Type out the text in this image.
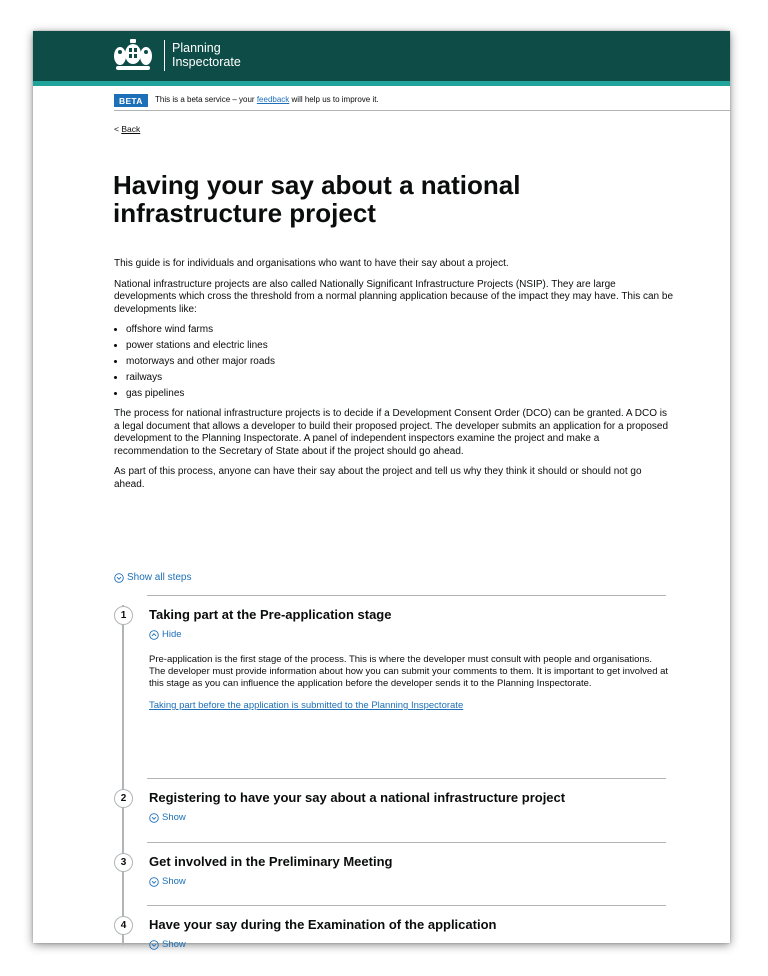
Planning
Inspectorate
BETA	This is a beta service – your feedback will help us to improve it.
< Back
Having your say about a national infrastructure project

This guide is for individuals and organisations who want to have their say about a project.

National infrastructure projects are also called Nationally Significant Infrastructure Projects (NSIP). They are large developments which cross the threshold from a normal planning application because of the impact they may have. This can be developments like:

• offshore wind farms
• power stations and electric lines
• motorways and other major roads
• railways
• gas pipelines

The process for national infrastructure projects is to decide if a Development Consent Order (DCO) can be granted. A DCO is a legal document that allows a developer to build their proposed project. The developer submits an application for a proposed development to the Planning Inspectorate. A panel of independent inspectors examine the project and make a recommendation to the Secretary of State about if the project should go ahead.

As part of this process, anyone can have their say about the project and tell us why they think it should or should not go ahead.

Show all steps
1	Taking part at the Pre-application stage
Hide

Pre-application is the first stage of the process. This is where the developer must consult with people and organisations. The developer must provide information about how you can submit your comments to them. It is important to get involved at this stage as you can influence the application before the developer sends it to the Planning Inspectorate.

Taking part before the application is submitted to the Planning Inspectorate
2	Registering to have your say about a national infrastructure project
Show
3	Get involved in the Preliminary Meeting
Show
4	Have your say during the Examination of the application
Show
